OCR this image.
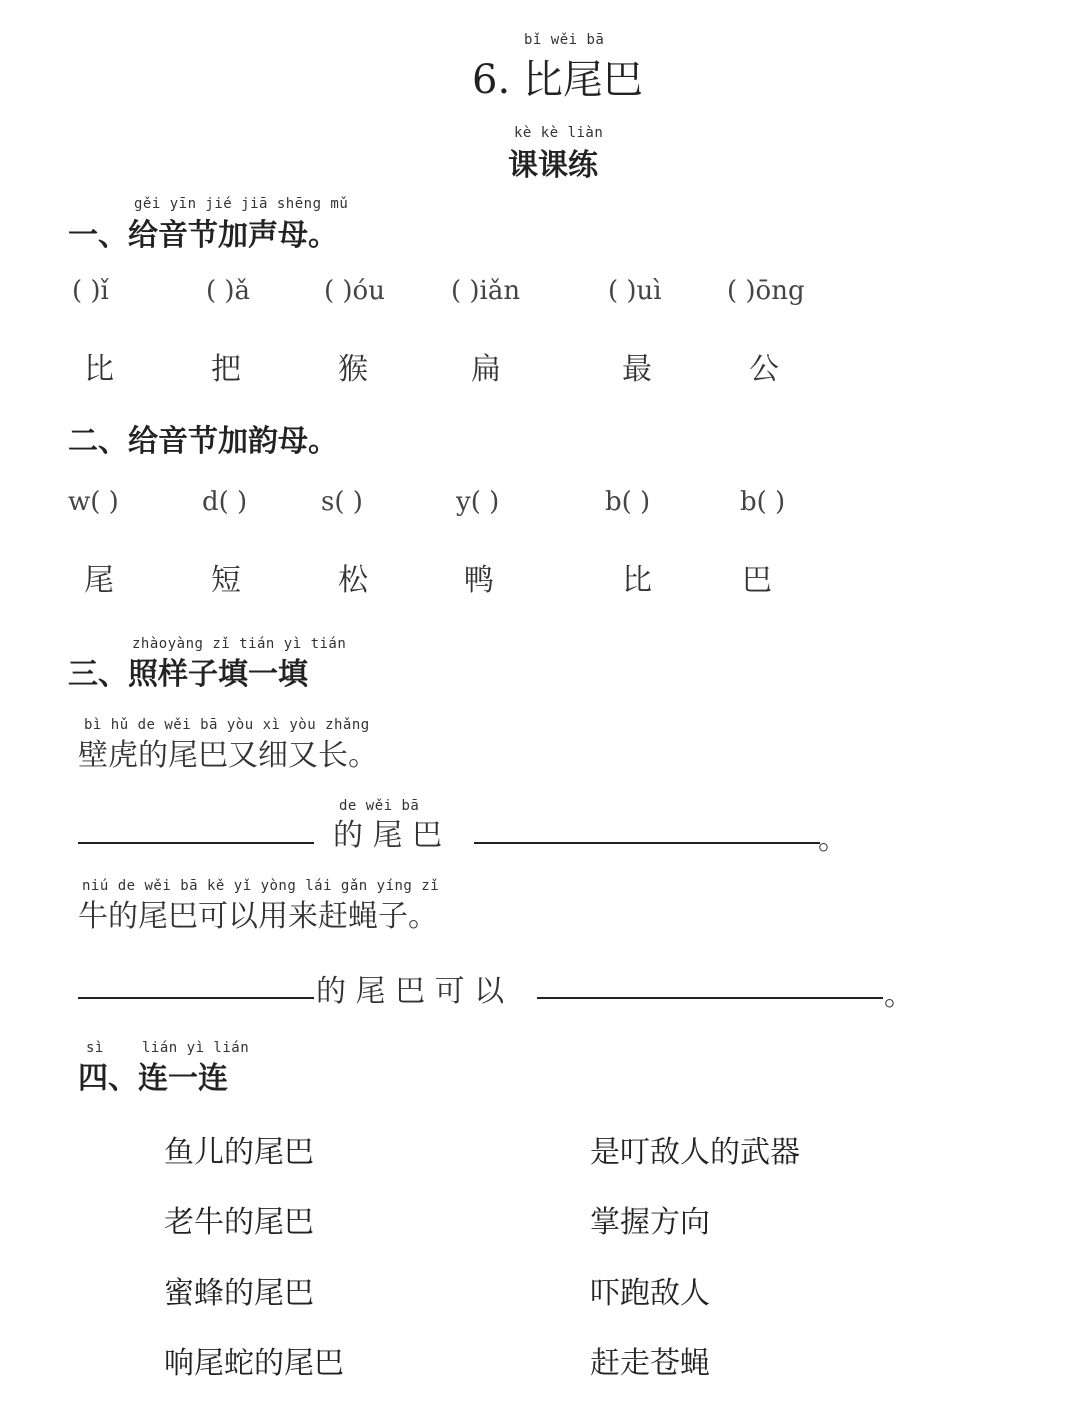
bǐ wěi bā
6. 比尾巴
kè kè liàn
课课练
gěi yīn jié jiā shēng mǔ
一、给音节加声母。
( )ǐ	( )ǎ	( )óu	( )iǎn	( )uì	( )ōng
比	把	猴	扁	最	公
二、给音节加韵母。
w( )	d( )	s( )	y( )	b( )	b( )
尾	短	松	鸭	比	巴
zhàoyàng zǐ tián yì tián
三、照样子填一填
bì hǔ de wěi bā yòu xì yòu zhǎng
壁虎的尾巴又细又长。
de wěi bā
的 尾 巴	。
niú de wěi bā kě yǐ yòng lái gǎn yíng zǐ
牛的尾巴可以用来赶蝇子。
的 尾 巴 可 以	。
sì	lián yì lián
四、连一连
鱼儿的尾巴
老牛的尾巴
蜜蜂的尾巴
响尾蛇的尾巴
是叮敌人的武器
掌握方向
吓跑敌人
赶走苍蝇
